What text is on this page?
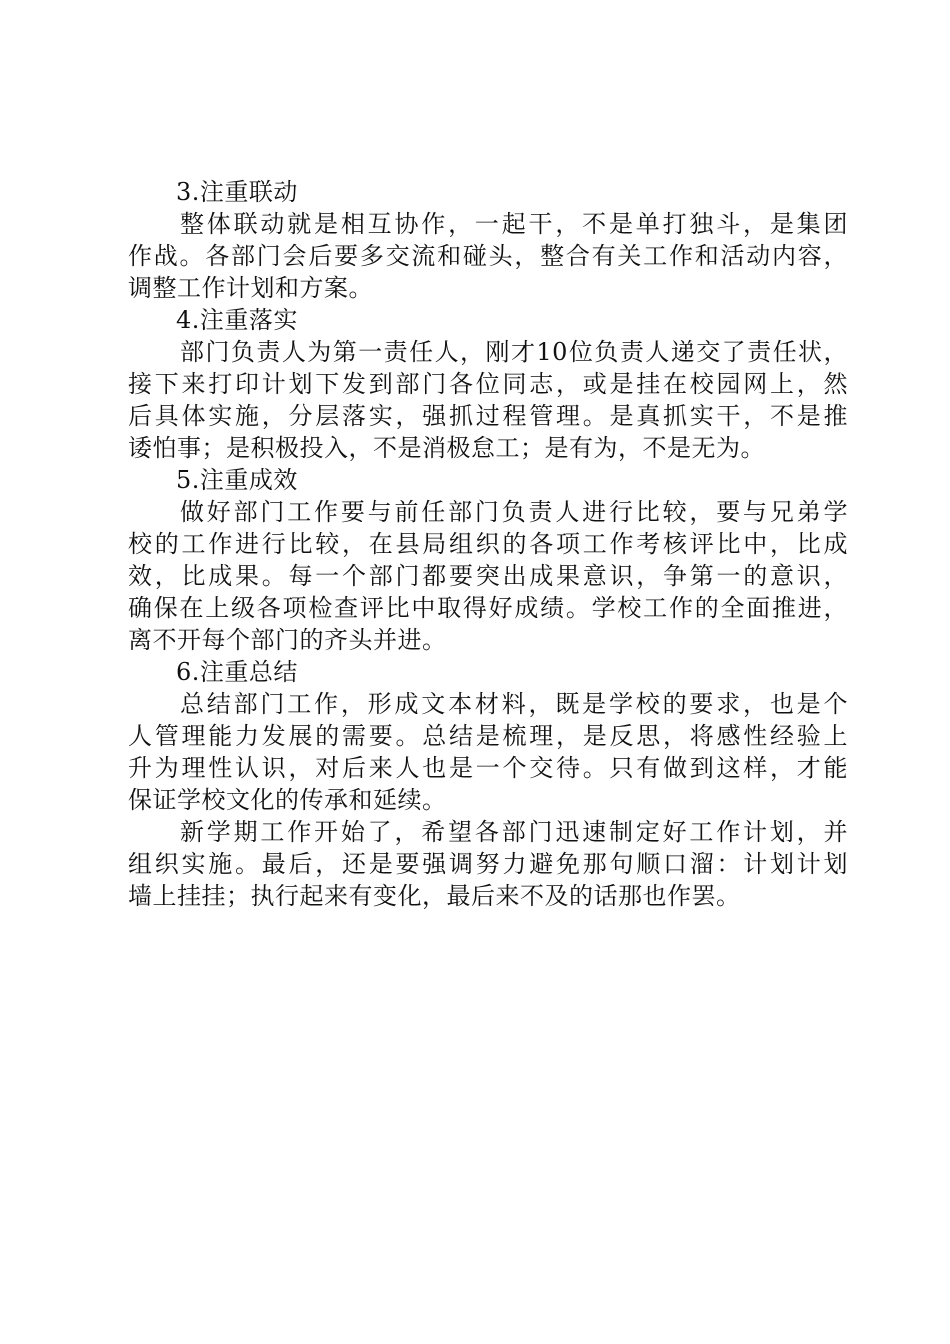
3.注重联动

整体联动就是相互协作，一起干，不是单打独斗，是集团
作战。各部门会后要多交流和碰头，整合有关工作和活动内容，
调整工作计划和方案。

4.注重落实

部门负责人为第一责任人，刚才10位负责人递交了责任状，
接下来打印计划下发到部门各位同志，或是挂在校园网上，然
后具体实施，分层落实，强抓过程管理。是真抓实干，不是推
诿怕事；是积极投入，不是消极怠工；是有为，不是无为。

5.注重成效

做好部门工作要与前任部门负责人进行比较，要与兄弟学
校的工作进行比较，在县局组织的各项工作考核评比中，比成
效，比成果。每一个部门都要突出成果意识，争第一的意识，
确保在上级各项检查评比中取得好成绩。学校工作的全面推进，
离不开每个部门的齐头并进。

6.注重总结

总结部门工作，形成文本材料，既是学校的要求，也是个
人管理能力发展的需要。总结是梳理，是反思，将感性经验上
升为理性认识，对后来人也是一个交待。只有做到这样，才能
保证学校文化的传承和延续。
新学期工作开始了，希望各部门迅速制定好工作计划，并
组织实施。最后，还是要强调努力避免那句顺口溜：计划计划
墙上挂挂；执行起来有变化，最后来不及的话那也作罢。
